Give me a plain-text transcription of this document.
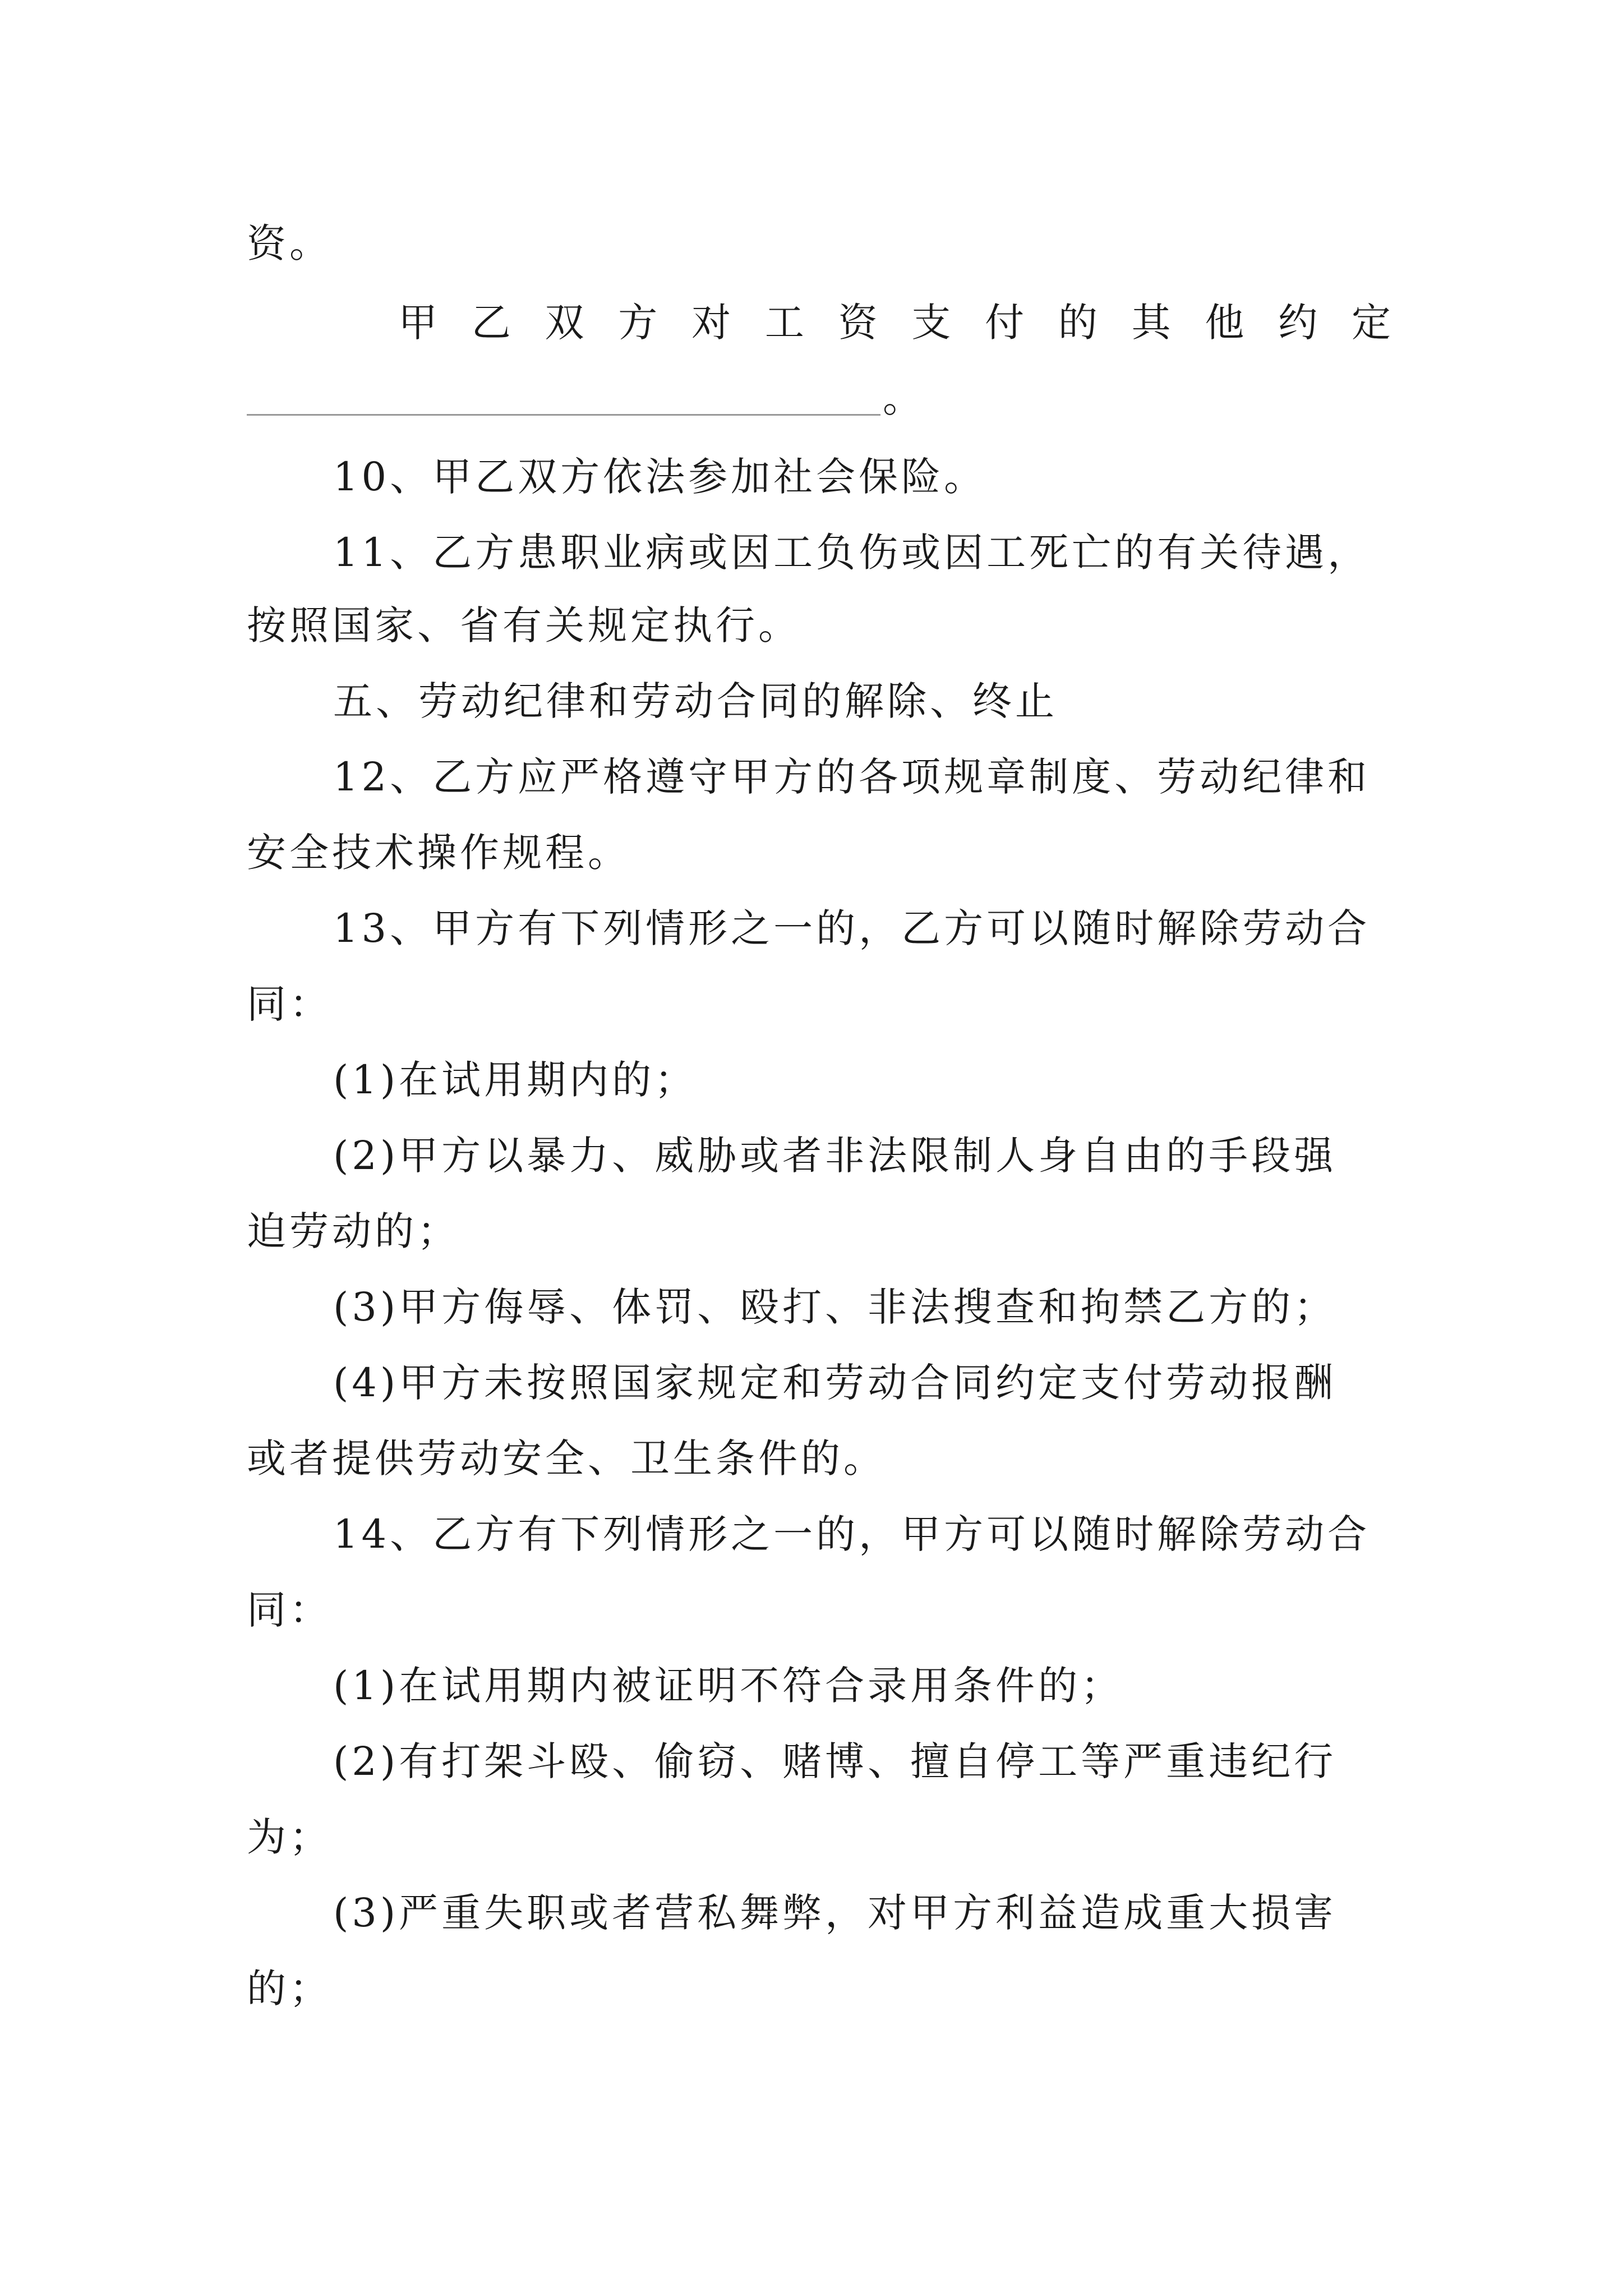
资。
甲 乙 双 方 对 工 资 支 付 的 其 他 约 定
。
10、甲乙双方依法参加社会保险。
11、乙方患职业病或因工负伤或因工死亡的有关待遇，
按照国家、省有关规定执行。
五、劳动纪律和劳动合同的解除、终止
12、乙方应严格遵守甲方的各项规章制度、劳动纪律和
安全技术操作规程。
13、甲方有下列情形之一的，乙方可以随时解除劳动合
同：
(1)在试用期内的；
(2)甲方以暴力、威胁或者非法限制人身自由的手段强
迫劳动的；
(3)甲方侮辱、体罚、殴打、非法搜查和拘禁乙方的；
(4)甲方未按照国家规定和劳动合同约定支付劳动报酬
或者提供劳动安全、卫生条件的。
14、乙方有下列情形之一的，甲方可以随时解除劳动合
同：
(1)在试用期内被证明不符合录用条件的；
(2)有打架斗殴、偷窃、赌博、擅自停工等严重违纪行
为；
(3)严重失职或者营私舞弊，对甲方利益造成重大损害
的；
